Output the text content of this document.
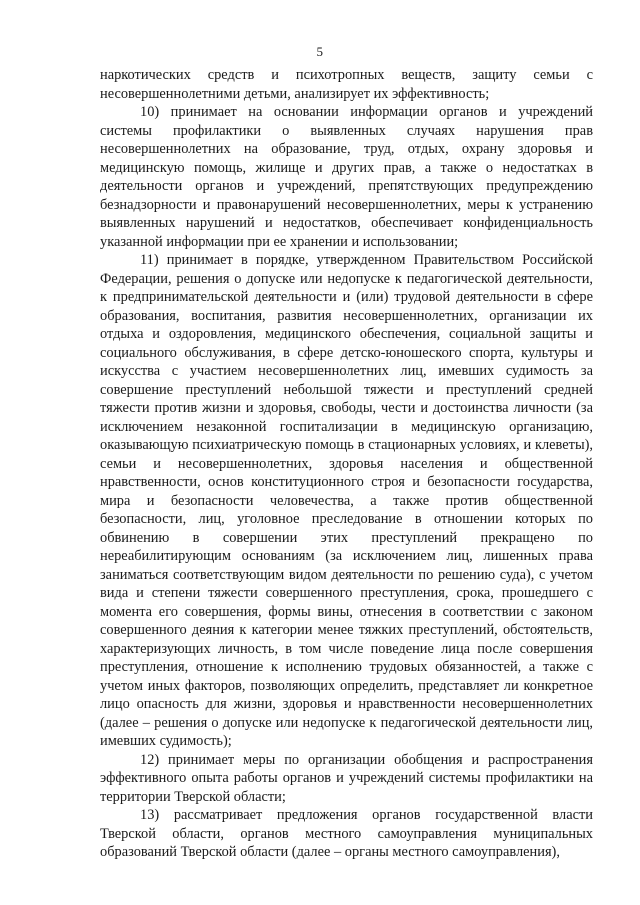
5

наркотических средств и психотропных веществ, защиту семьи с несовершеннолетними детьми, анализирует их эффективность;

10) принимает на основании информации органов и учреждений системы профилактики о выявленных случаях нарушения прав несовершеннолетних на образование, труд, отдых, охрану здоровья и медицинскую помощь, жилище и других прав, а также о недостатках в деятельности органов и учреждений, препятствующих предупреждению безнадзорности и правонарушений несовершеннолетних, меры к устранению выявленных нарушений и недостатков, обеспечивает конфиденциальность указанной информации при ее хранении и использовании;

11) принимает в порядке, утвержденном Правительством Российской Федерации, решения о допуске или недопуске к педагогической деятельности, к предпринимательской деятельности и (или) трудовой деятельности в сфере образования, воспитания, развития несовершеннолетних, организации их отдыха и оздоровления, медицинского обеспечения, социальной защиты и социального обслуживания, в сфере детско-юношеского спорта, культуры и искусства с участием несовершеннолетних лиц, имевших судимость за совершение преступлений небольшой тяжести и преступлений средней тяжести против жизни и здоровья, свободы, чести и достоинства личности (за исключением незаконной госпитализации в медицинскую организацию, оказывающую психиатрическую помощь в стационарных условиях, и клеветы), семьи и несовершеннолетних, здоровья населения и общественной нравственности, основ конституционного строя и безопасности государства, мира и безопасности человечества, а также против общественной безопасности, лиц, уголовное преследование в отношении которых по обвинению в совершении этих преступлений прекращено по нереабилитирующим основаниям (за исключением лиц, лишенных права заниматься соответствующим видом деятельности по решению суда), с учетом вида и степени тяжести совершенного преступления, срока, прошедшего с момента его совершения, формы вины, отнесения в соответствии с законом совершенного деяния к категории менее тяжких преступлений, обстоятельств, характеризующих личность, в том числе поведение лица после совершения преступления, отношение к исполнению трудовых обязанностей, а также с учетом иных факторов, позволяющих определить, представляет ли конкретное лицо опасность для жизни, здоровья и нравственности несовершеннолетних (далее – решения о допуске или недопуске к педагогической деятельности лиц, имевших судимость);

12) принимает меры по организации обобщения и распространения эффективного опыта работы органов и учреждений системы профилактики на территории Тверской области;

13) рассматривает предложения органов государственной власти Тверской области, органов местного самоуправления муниципальных образований Тверской области (далее – органы местного самоуправления),
